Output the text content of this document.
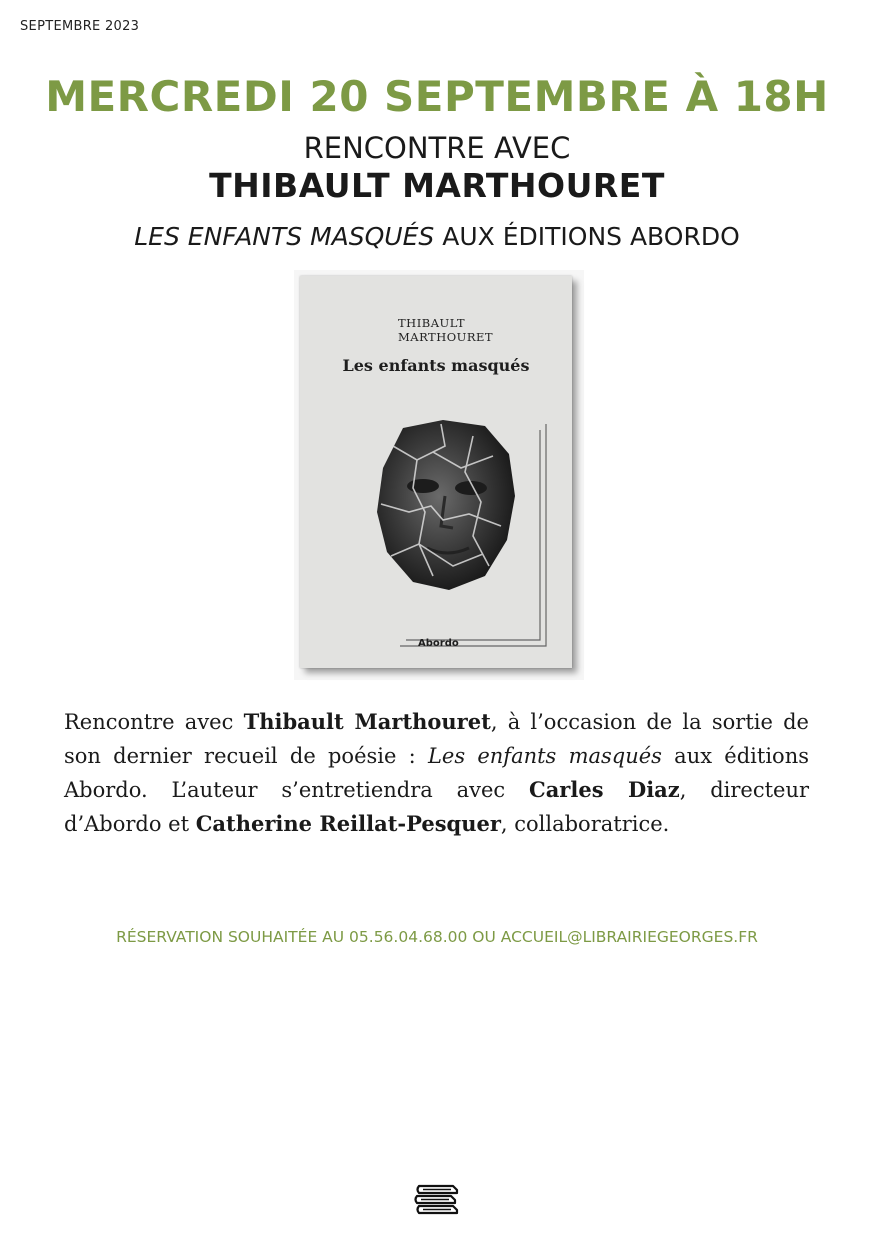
SEPTEMBRE 2023
MERCREDI 20 SEPTEMBRE À 18H
RENCONTRE AVEC
THIBAULT MARTHOURET
LES ENFANTS MASQUÉS AUX ÉDITIONS ABORDO
THIBAULT MARTHOURET
Les enfants masqués
Abordo

Rencontre avec Thibault Marthouret, à l’occasion de la sortie de son dernier recueil de poésie : Les enfants masqués aux éditions Abordo. L’auteur s’entretiendra avec Carles Diaz, directeur d’Abordo et Catherine Reillat-Pesquer, collaboratrice.

RÉSERVATION SOUHAITÉE AU 05.56.04.68.00 OU ACCUEIL@LIBRAIRIEGEORGES.FR
